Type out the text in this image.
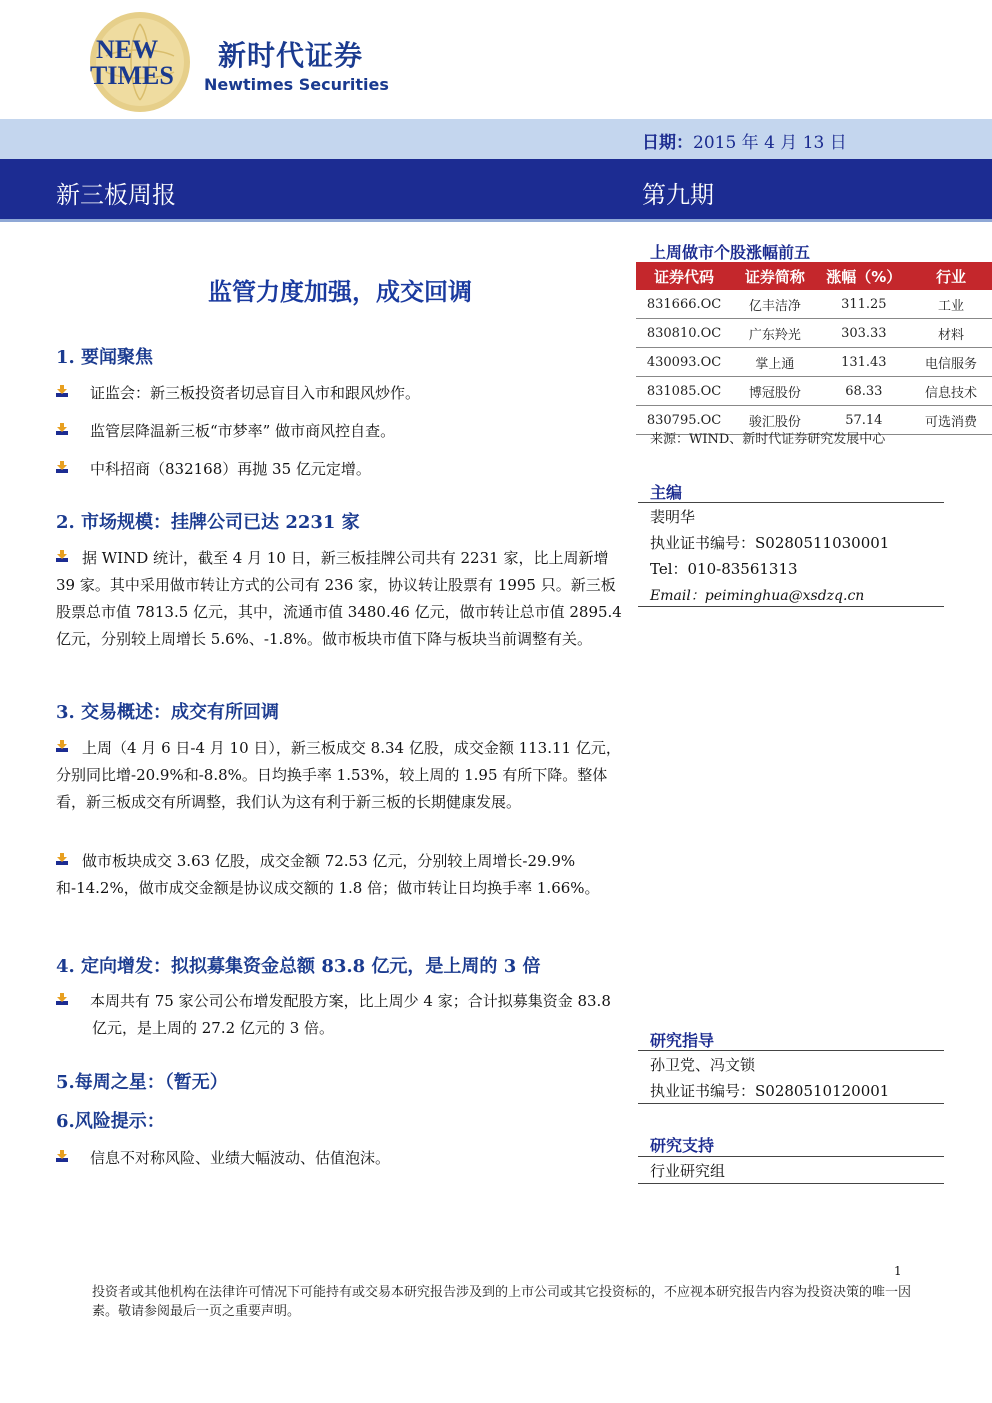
NEW
TIMES
新时代证券
Newtimes Securities
日期：2015 年 4 月 13 日
新三板周报	第九期
监管力度加强，成交回调
1. 要闻聚焦
证监会：新三板投资者切忌盲目入市和跟风炒作。
监管层降温新三板“市梦率” 做市商风控自查。
中科招商（832168）再抛 35 亿元定增。
2. 市场规模：挂牌公司已达 2231 家
据 WIND 统计，截至 4 月 10 日，新三板挂牌公司共有 2231 家，比上周新增 39 家。其中采用做市转让方式的公司有 236 家，协议转让股票有 1995 只。新三板股票总市值 7813.5 亿元，其中，流通市值 3480.46 亿元，做市转让总市值 2895.4 亿元，分别较上周增长 5.6%、-1.8%。做市板块市值下降与板块当前调整有关。
3. 交易概述：成交有所回调
上周（4 月 6 日-4 月 10 日），新三板成交 8.34 亿股，成交金额 113.11 亿元，分别同比增-20.9%和-8.8%。日均换手率 1.53%，较上周的 1.95 有所下降。整体看，新三板成交有所调整，我们认为这有利于新三板的长期健康发展。
做市板块成交 3.63 亿股，成交金额 72.53 亿元，分别较上周增长-29.9%和-14.2%，做市成交金额是协议成交额的 1.8 倍；做市转让日均换手率 1.66%。
4. 定向增发：拟拟募集资金总额 83.8 亿元，是上周的 3 倍
本周共有 75 家公司公布增发配股方案，比上周少 4 家；合计拟募集资金 83.8 亿元，是上周的 27.2 亿元的 3 倍。
5.每周之星：（暂无）
6.风险提示：
信息不对称风险、业绩大幅波动、估值泡沫。
上周做市个股涨幅前五
证券代码	证券简称	涨幅（%）	行业
831666.OC	亿丰洁净	311.25	工业
830810.OC	广东羚光	303.33	材料
430093.OC	掌上通	131.43	电信服务
831085.OC	博冠股份	68.33	信息技术
830795.OC	骏汇股份	57.14	可选消费
来源：WIND、新时代证券研究发展中心
主编
裴明华
执业证书编号：S0280511030001
Tel：010-83561313
Email：peiminghua@xsdzq.cn
研究指导
孙卫党、冯文锁
执业证书编号：S0280510120001
研究支持
行业研究组
1
投资者或其他机构在法律许可情况下可能持有或交易本研究报告涉及到的上市公司或其它投资标的，不应视本研究报告内容为投资决策的唯一因素。敬请参阅最后一页之重要声明。
